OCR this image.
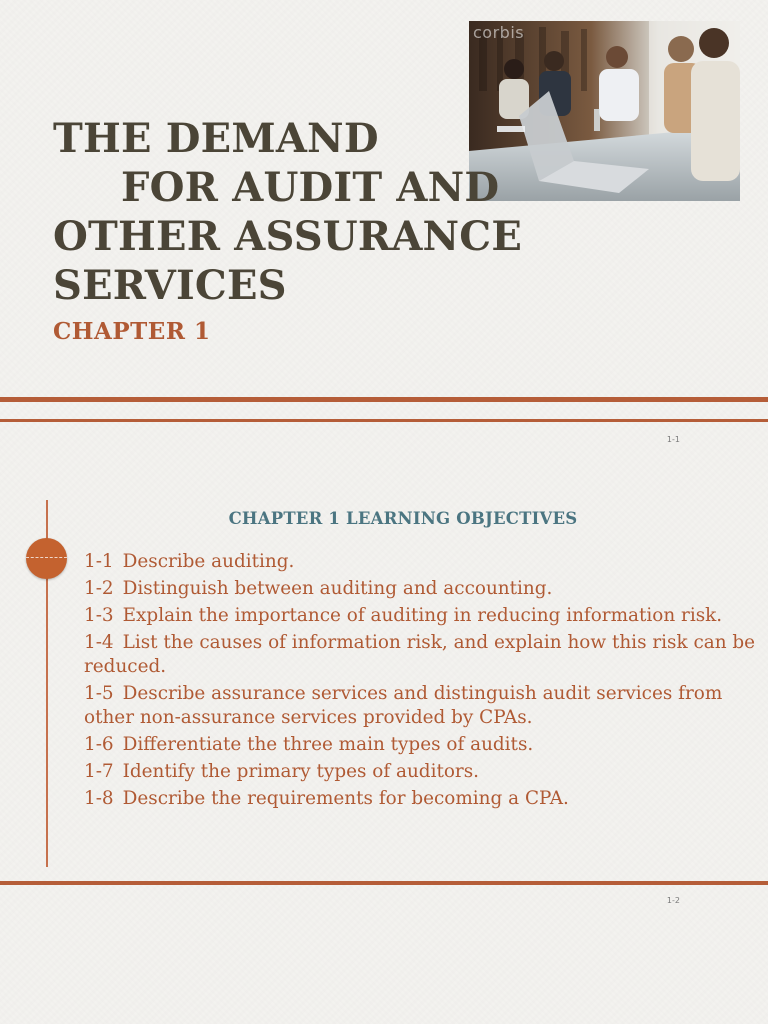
corbis
THE DEMAND
FOR AUDIT AND
OTHER ASSURANCE
SERVICES
CHAPTER 1
1-1
CHAPTER 1 LEARNING OBJECTIVES
1-1 Describe auditing.
1-2 Distinguish between auditing and accounting.
1-3 Explain the importance of auditing in reducing information risk.
1-4 List the causes of information risk, and explain how this risk can be reduced.
1-5 Describe assurance services and distinguish audit services from other non-assurance services provided by CPAs.
1-6 Differentiate the three main types of audits.
1-7 Identify the primary types of auditors.
1-8 Describe the requirements for becoming a CPA.
1-2
